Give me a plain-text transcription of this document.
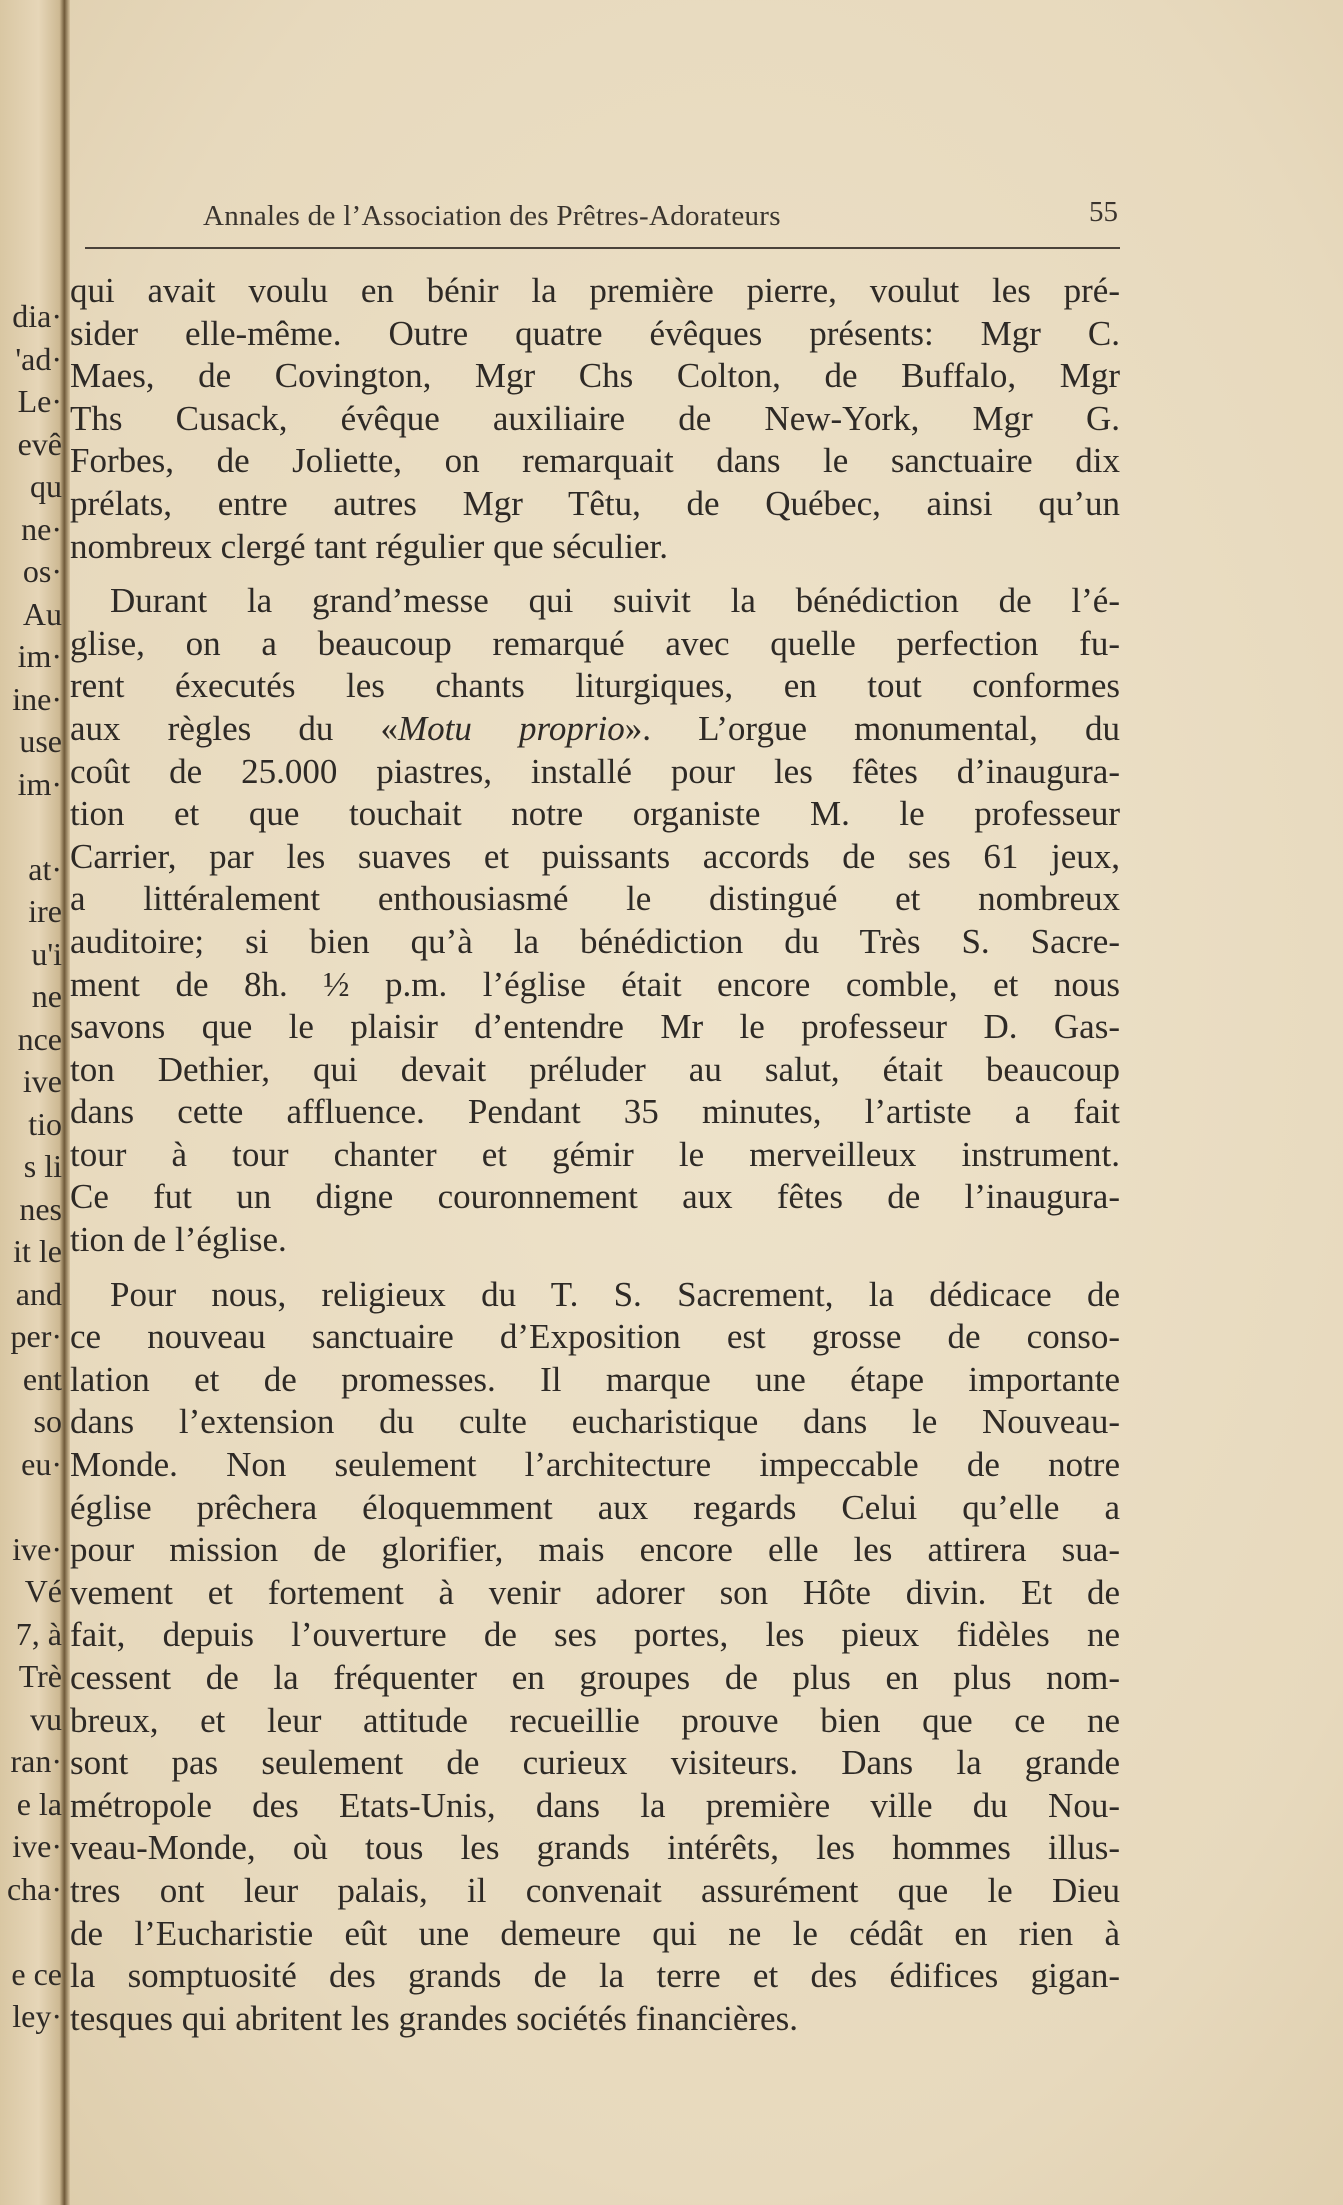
dia·
'ad·
Le·
evê
qu
ne·
os·
Au
im·
ine·
use
im·
at·
ire
u'i
ne
nce
ive
tio
s li
nes
it le
and
per·
ent
so
eu·
ive·
Vé
7, à
Trè
vu
ran·
e la
ive·
cha·
e ce
ley·
Annales de l’Association des Prêtres-Adorateurs	55
qui avait voulu en bénir la première pierre, voulut les pré-
sider elle-même. Outre quatre évêques présents: Mgr C.
Maes, de Covington, Mgr Chs Colton, de Buffalo, Mgr
Ths Cusack, évêque auxiliaire de New-York, Mgr G.
Forbes, de Joliette, on remarquait dans le sanctuaire dix
prélats, entre autres Mgr Têtu, de Québec, ainsi qu’un
nombreux clergé tant régulier que séculier.
Durant la grand’messe qui suivit la bénédiction de l’é-
glise, on a beaucoup remarqué avec quelle perfection fu-
rent éxecutés les chants liturgiques, en tout conformes
aux règles du «Motu proprio». L’orgue monumental, du
coût de 25.000 piastres, installé pour les fêtes d’inaugura-
tion et que touchait notre organiste M. le professeur
Carrier, par les suaves et puissants accords de ses 61 jeux,
a littéralement enthousiasmé le distingué et nombreux
auditoire; si bien qu’à la bénédiction du Très S. Sacre-
ment de 8h. ½ p.m. l’église était encore comble, et nous
savons que le plaisir d’entendre Mr le professeur D. Gas-
ton Dethier, qui devait préluder au salut, était beaucoup
dans cette affluence. Pendant 35 minutes, l’artiste a fait
tour à tour chanter et gémir le merveilleux instrument.
Ce fut un digne couronnement aux fêtes de l’inaugura-
tion de l’église.
Pour nous, religieux du T. S. Sacrement, la dédicace de
ce nouveau sanctuaire d’Exposition est grosse de conso-
lation et de promesses. Il marque une étape importante
dans l’extension du culte eucharistique dans le Nouveau-
Monde. Non seulement l’architecture impeccable de notre
église prêchera éloquemment aux regards Celui qu’elle a
pour mission de glorifier, mais encore elle les attirera sua-
vement et fortement à venir adorer son Hôte divin. Et de
fait, depuis l’ouverture de ses portes, les pieux fidèles ne
cessent de la fréquenter en groupes de plus en plus nom-
breux, et leur attitude recueillie prouve bien que ce ne
sont pas seulement de curieux visiteurs. Dans la grande
métropole des Etats-Unis, dans la première ville du Nou-
veau-Monde, où tous les grands intérêts, les hommes illus-
tres ont leur palais, il convenait assurément que le Dieu
de l’Eucharistie eût une demeure qui ne le cédât en rien à
la somptuosité des grands de la terre et des édifices gigan-
tesques qui abritent les grandes sociétés financières.
